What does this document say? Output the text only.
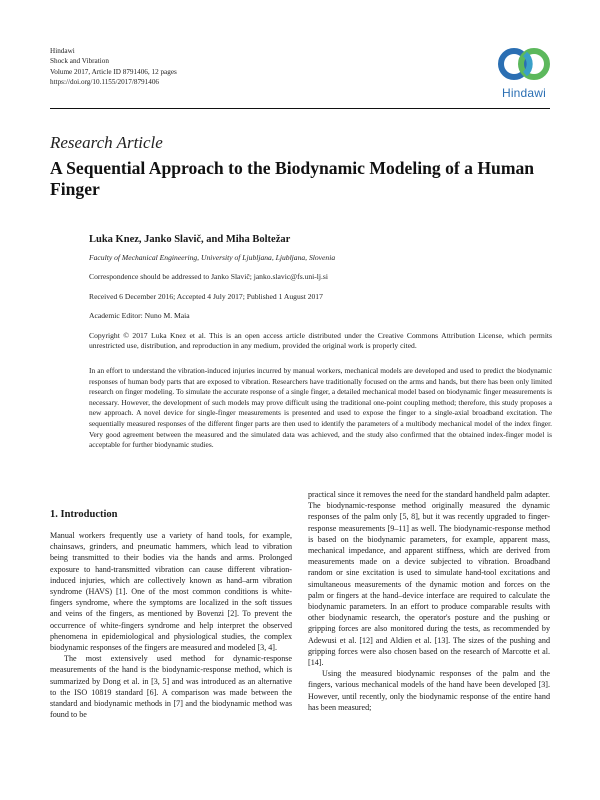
Hindawi
Shock and Vibration
Volume 2017, Article ID 8791406, 12 pages
https://doi.org/10.1155/2017/8791406
Hindawi
Research Article
A Sequential Approach to the Biodynamic Modeling of a Human Finger
Luka Knez, Janko Slavič, and Miha Boltežar
Faculty of Mechanical Engineering, University of Ljubljana, Ljubljana, Slovenia
Correspondence should be addressed to Janko Slavič; janko.slavic@fs.uni-lj.si
Received 6 December 2016; Accepted 4 July 2017; Published 1 August 2017
Academic Editor: Nuno M. Maia
Copyright © 2017 Luka Knez et al. This is an open access article distributed under the Creative Commons Attribution License, which permits unrestricted use, distribution, and reproduction in any medium, provided the original work is properly cited.
In an effort to understand the vibration-induced injuries incurred by manual workers, mechanical models are developed and used to predict the biodynamic responses of human body parts that are exposed to vibration. Researchers have traditionally focused on the arms and hands, but there has been only limited research on finger modeling. To simulate the accurate response of a single finger, a detailed mechanical model based on biodynamic finger measurements is necessary. However, the development of such models may prove difficult using the traditional one-point coupling method; therefore, this study proposes a new approach. A novel device for single-finger measurements is presented and used to expose the finger to a single-axial broadband excitation. The sequentially measured responses of the different finger parts are then used to identify the parameters of a multibody mechanical model of the index finger. Very good agreement between the measured and the simulated data was achieved, and the study also confirmed that the obtained index-finger model is acceptable for further biodynamic studies.
1. Introduction

Manual workers frequently use a variety of hand tools, for example, chainsaws, grinders, and pneumatic hammers, which lead to vibration being transmitted to their bodies via the hands and arms. Prolonged exposure to hand-transmitted vibration can cause different vibration-induced injuries, which are collectively known as hand–arm vibration syndrome (HAVS) [1]. One of the most common conditions is white-fingers syndrome, where the symptoms are localized in the soft tissues and veins of the fingers, as mentioned by Bovenzi [2]. To prevent the occurrence of white-fingers syndrome and help interpret the observed phenomena in epidemiological and physiological studies, the complex biodynamic responses of the fingers are measured and modeled [3, 4].

The most extensively used method for dynamic-response measurements of the hand is the biodynamic-response method, which is summarized by Dong et al. in [3, 5] and was introduced as an alternative to the ISO 10819 standard [6]. A comparison was made between the standard and biodynamic methods in [7] and the biodynamic method was found to be

practical since it removes the need for the standard handheld palm adapter. The biodynamic-response method originally measured the dynamic responses of the palm only [5, 8], but it was recently upgraded to finger-response measurements [9–11] as well. The biodynamic-response method is based on the biodynamic parameters, for example, apparent mass, mechanical impedance, and apparent stiffness, which are derived from measurements made on a device subjected to vibration. Broadband random or sine excitation is used to simulate hand-tool excitations and simultaneous measurements of the dynamic motion and forces on the palm or fingers at the hand–device interface are required to calculate the biodynamic parameters. In an effort to produce comparable results with other biodynamic research, the operator's posture and the pushing or gripping forces are also monitored during the tests, as recommended by Adewusi et al. [12] and Aldien et al. [13]. The sizes of the pushing and gripping forces were also chosen based on the research of Marcotte et al. [14].

Using the measured biodynamic responses of the palm and the fingers, various mechanical models of the hand have been developed [3]. However, until recently, only the biodynamic response of the entire hand has been measured;
